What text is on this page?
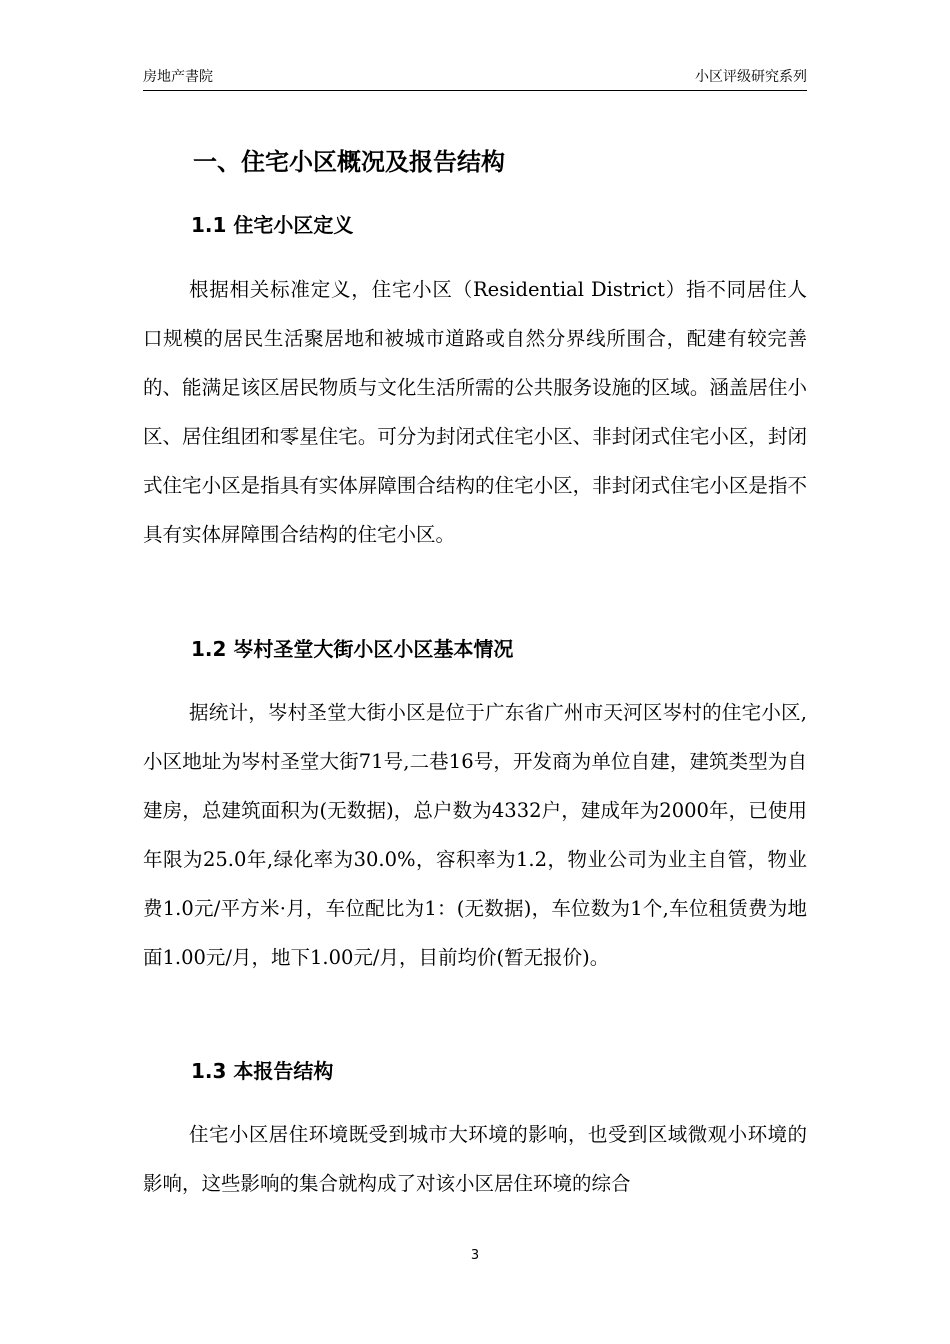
房地产書院	小区评级研究系列
一、住宅小区概况及报告结构
1.1 住宅小区定义

根据相关标准定义，住宅小区（Residential District）指不同居住人口规模的居民生活聚居地和被城市道路或自然分界线所围合，配建有较完善的、能满足该区居民物质与文化生活所需的公共服务设施的区域。涵盖居住小区、居住组团和零星住宅。可分为封闭式住宅小区、非封闭式住宅小区，封闭式住宅小区是指具有实体屏障围合结构的住宅小区，非封闭式住宅小区是指不具有实体屏障围合结构的住宅小区。

1.2 岑村圣堂大街小区小区基本情况

据统计，岑村圣堂大街小区是位于广东省广州市天河区岑村的住宅小区,小区地址为岑村圣堂大街71号,二巷16号，开发商为单位自建，建筑类型为自建房，总建筑面积为(无数据)，总户数为4332户，建成年为2000年，已使用年限为25.0年,绿化率为30.0%，容积率为1.2，物业公司为业主自管，物业费1.0元/平方米·月，车位配比为1：(无数据)，车位数为1个,车位租赁费为地面1.00元/月，地下1.00元/月，目前均价(暂无报价)。

1.3 本报告结构

住宅小区居住环境既受到城市大环境的影响，也受到区域微观小环境的影响，这些影响的集合就构成了对该小区居住环境的综合

3
